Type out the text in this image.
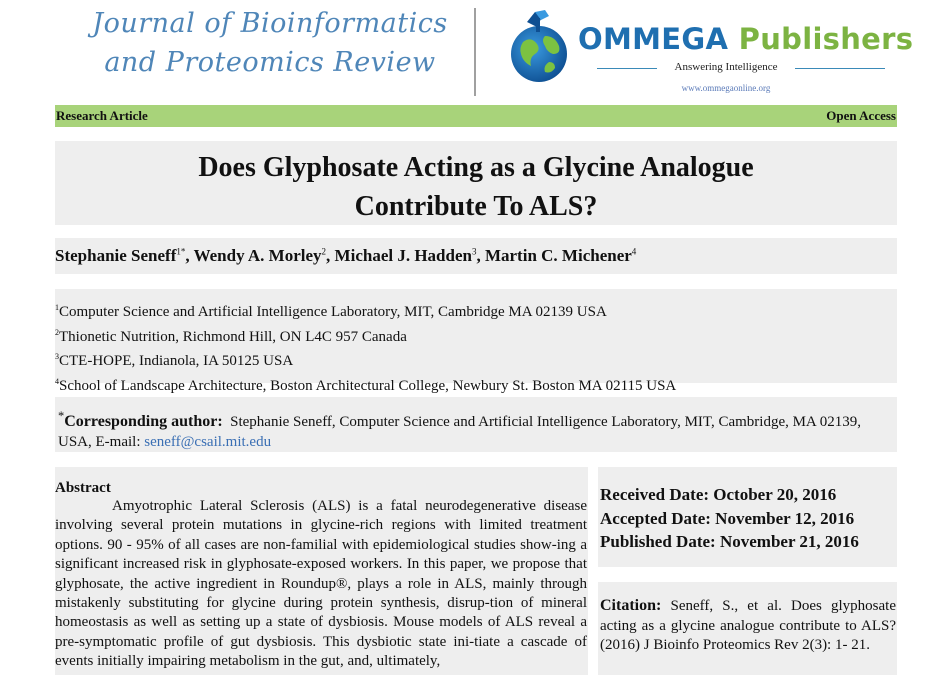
Journal of Bioinformatics
and Proteomics Review
OMMEGA Publishers
Answering Intelligence
www.ommegaonline.org
Research Article	Open Access
Does Glyphosate Acting as a Glycine Analogue
Contribute To ALS?
Stephanie Seneff$^{1*}$, Wendy A. Morley$^2$, Michael J. Hadden$^3$, Martin C. Michener$^4$
$^1$Computer Science and Artificial Intelligence Laboratory, MIT, Cambridge MA 02139 USA
$^2$Thionetic Nutrition, Richmond Hill, ON L4C 957 Canada
$^3$CTE-HOPE, Indianola, IA 50125 USA
$^4$School of Landscape Architecture, Boston Architectural College, Newbury St. Boston MA 02115 USA
*Corresponding author: Stephanie Seneff, Computer Science and Artificial Intelligence Laboratory, MIT, Cambridge, MA 02139, USA, E-mail: seneff@csail.mit.edu
Abstract
Amyotrophic Lateral Sclerosis (ALS) is a fatal neurodegenerative disease involving several protein mutations in glycine-rich regions with limited treatment options. 90 - 95% of all cases are non-familial with epidemiological studies show-ing a significant increased risk in glyphosate-exposed workers. In this paper, we propose that glyphosate, the active ingredient in Roundup®, plays a role in ALS, mainly through mistakenly substituting for glycine during protein synthesis, disrup-tion of mineral homeostasis as well as setting up a state of dysbiosis. Mouse models of ALS reveal a pre-symptomatic profile of gut dysbiosis. This dysbiotic state ini-tiate a cascade of events initially impairing metabolism in the gut, and, ultimately,
Received Date: October 20, 2016
Accepted Date: November 12, 2016
Published Date: November 21, 2016
Citation: Seneff, S., et al. Does glyphosate acting as a glycine analogue contribute to ALS? (2016) J Bioinfo Proteomics Rev 2(3): 1- 21.
